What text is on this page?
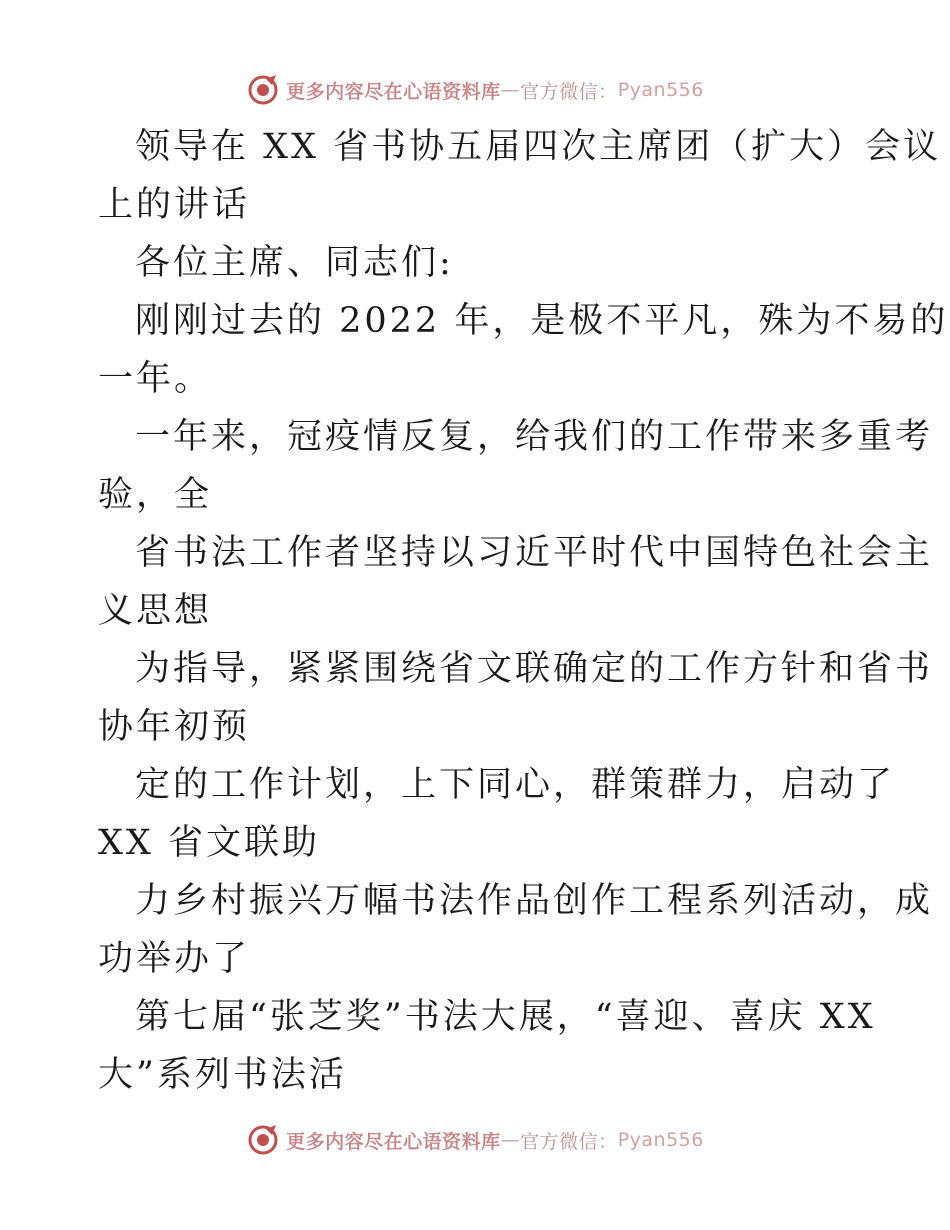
更多内容尽在心语资料库 — 官方微信： Pyan556
领导在 XX 省书协五届四次主席团（扩大）会议
上的讲话
各位主席、同志们:
刚刚过去的 2022 年，是极不平凡，殊为不易的
一年。
一年来，冠疫情反复，给我们的工作带来多重考
验，全
省书法工作者坚持以习近平时代中国特色社会主
义思想
为指导，紧紧围绕省文联确定的工作方针和省书
协年初预
定的工作计划，上下同心，群策群力，启动了
XX 省文联助
力乡村振兴万幅书法作品创作工程系列活动，成
功举办了
第七届“张芝奖”书法大展，“喜迎、喜庆 XX
大”系列书法活
更多内容尽在心语资料库 — 官方微信： Pyan556
